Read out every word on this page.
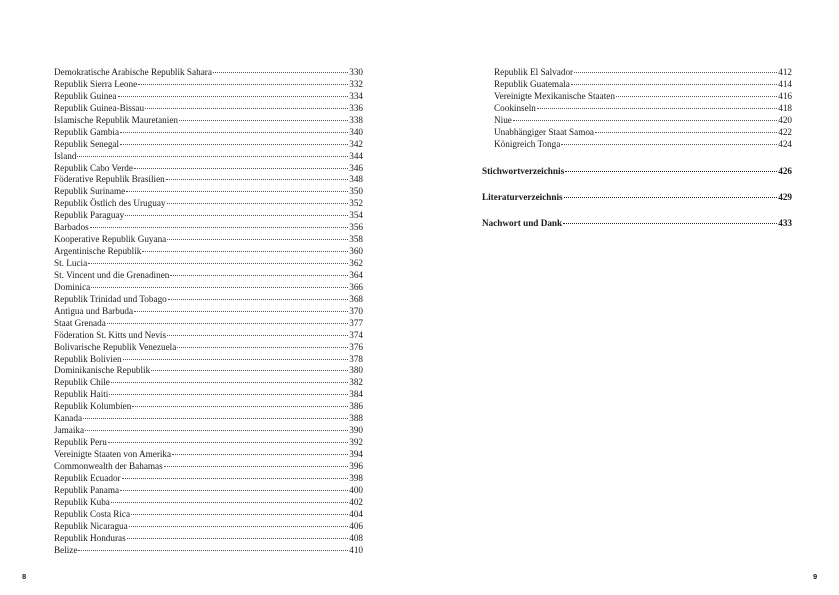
Demokratische Arabische Republik Sahara	330
Republik Sierra Leone	332
Republik Guinea	334
Republik Guinea-Bissau	336
Islamische Republik Mauretanien	338
Republik Gambia	340
Republik Senegal	342
Island	344
Republik Cabo Verde	346
Föderative Republik Brasilien	348
Republik Suriname	350
Republik Östlich des Uruguay	352
Republik Paraguay	354
Barbados	356
Kooperative Republik Guyana	358
Argentinische Republik	360
St. Lucia	362
St. Vincent und die Grenadinen	364
Dominica	366
Republik Trinidad und Tobago	368
Antigua und Barbuda	370
Staat Grenada	377
Föderation St. Kitts und Nevis	374
Bolivarische Republik Venezuela	376
Republik Bolivien	378
Dominikanische Republik	380
Republik Chile	382
Republik Haiti	384
Republik Kolumbien	386
Kanada	388
Jamaika	390
Republik Peru	392
Vereinigte Staaten von Amerika	394
Commonwealth der Bahamas	396
Republik Ecuador	398
Republik Panama	400
Republik Kuba	402
Republik Costa Rica	404
Republik Nicaragua	406
Republik Honduras	408
Belize	410
8
Republik El Salvador	412
Republik Guatemala	414
Vereinigte Mexikanische Staaten	416
Cookinseln	418
Niue	420
Unabhängiger Staat Samoa	422
Königreich Tonga	424
Stichwortverzeichnis	426
Literaturverzeichnis	429
Nachwort und Dank	433
9
